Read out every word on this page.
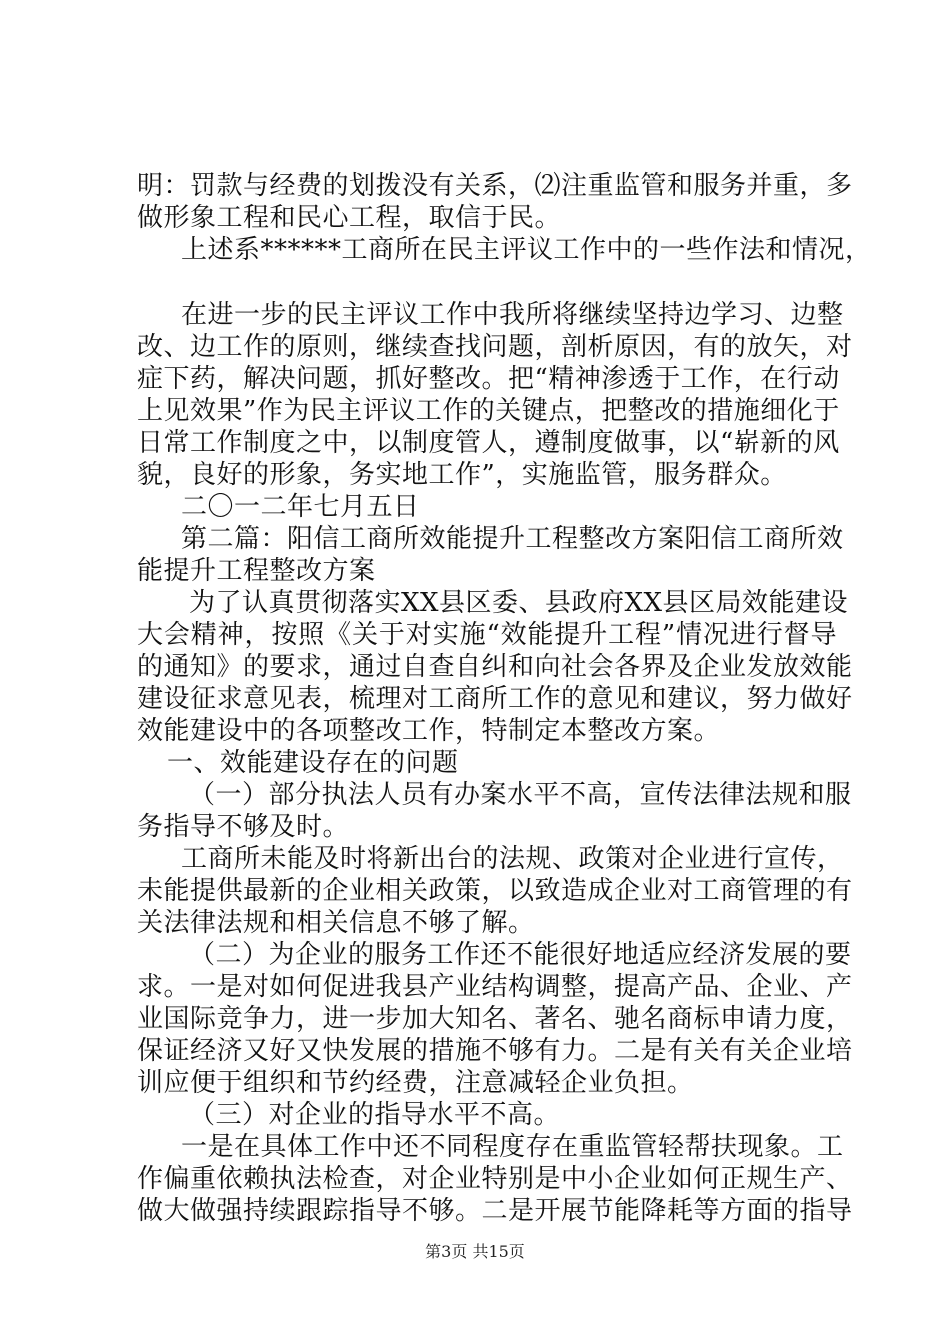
明：罚款与经费的划拨没有关系，⑵注重监管和服务并重，多
做形象工程和民心工程，取信于民。
上述系******工商所在民主评议工作中的一些作法和情况，
在进一步的民主评议工作中我所将继续坚持边学习、边整
改、边工作的原则，继续查找问题，剖析原因，有的放矢，对
症下药，解决问题，抓好整改。把“精神渗透于工作，在行动
上见效果”作为民主评议工作的关键点，把整改的措施细化于
日常工作制度之中，以制度管人，遵制度做事，以“崭新的风
貌，良好的形象，务实地工作”，实施监管，服务群众。
二〇一二年七月五日
第二篇：阳信工商所效能提升工程整改方案阳信工商所效
能提升工程整改方案
为了认真贯彻落实XX县区委、县政府XX县区局效能建设
大会精神，按照《关于对实施“效能提升工程”情况进行督导
的通知》的要求，通过自查自纠和向社会各界及企业发放效能
建设征求意见表，梳理对工商所工作的意见和建议，努力做好
效能建设中的各项整改工作，特制定本整改方案。
一、效能建设存在的问题
（一）部分执法人员有办案水平不高，宣传法律法规和服
务指导不够及时。
工商所未能及时将新出台的法规、政策对企业进行宣传，
未能提供最新的企业相关政策，以致造成企业对工商管理的有
关法律法规和相关信息不够了解。
（二）为企业的服务工作还不能很好地适应经济发展的要
求。一是对如何促进我县产业结构调整，提高产品、企业、产
业国际竞争力，进一步加大知名、著名、驰名商标申请力度，
保证经济又好又快发展的措施不够有力。二是有关有关企业培
训应便于组织和节约经费，注意减轻企业负担。
（三）对企业的指导水平不高。
一是在具体工作中还不同程度存在重监管轻帮扶现象。工
作偏重依赖执法检查，对企业特别是中小企业如何正规生产、
做大做强持续跟踪指导不够。二是开展节能降耗等方面的指导
第3页 共15页
